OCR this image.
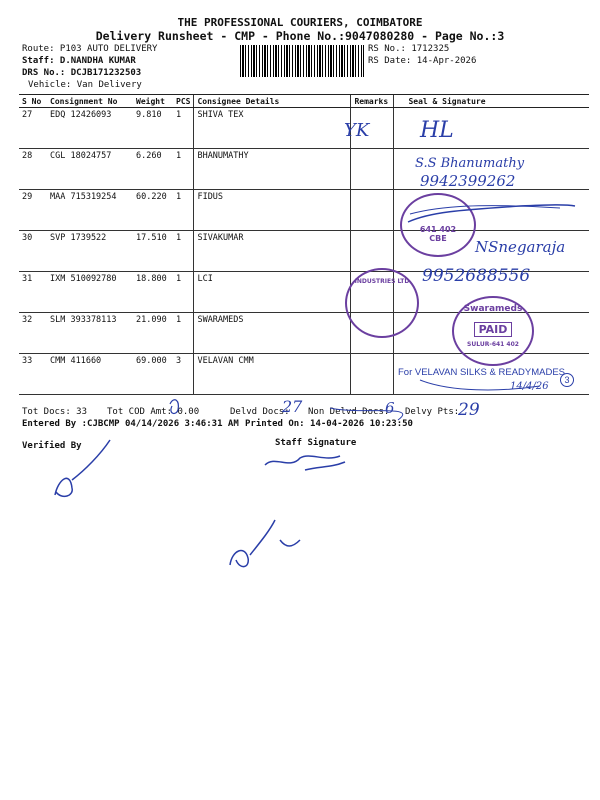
THE PROFESSIONAL COURIERS, COIMBATORE
Delivery Runsheet - CMP - Phone No.:9047080280 - Page No.:3
Route: P103 AUTO DELIVERY
Staff: D.NANDHA KUMAR
DRS No.: DCJB171232503
Vehicle: Van Delivery
RS No.: 1712325
RS Date: 14-Apr-2026
S No	Consignment No	Weight	PCS	Consignee Details	Remarks	Seal & Signature
27	EDQ 12426093	9.810	1	SHIVA TEX		
28	CGL 18024757	6.260	1	BHANUMATHY		
29	MAA 715319254	60.220	1	FIDUS		
30	SVP 1739522	17.510	1	SIVAKUMAR		
31	IXM 510092780	18.800	1	LCI		
32	SLM 393378113	21.090	1	SWARAMEDS		
33	CMM 411660	69.000	3	VELAVAN CMM		
Tot Docs: 33 Tot COD Amt: 0.00	Delvd Docs: Non Delvd Docs: Delvy Pts:
Entered By :CJBCMP 04/14/2026 3:46:31 AM Printed On: 14-04-2026 10:23:50
Verified By	Staff Signature
27	6	29
YK HL
S.S Bhanumathy
9942399262
NSnegaraja
9952688556
For VELAVAN SILKS & READYMADES
14/4/26
3
641 402
CBE
INDUSTRIES LTD
Swarameds
PAID
SULUR-641 402
